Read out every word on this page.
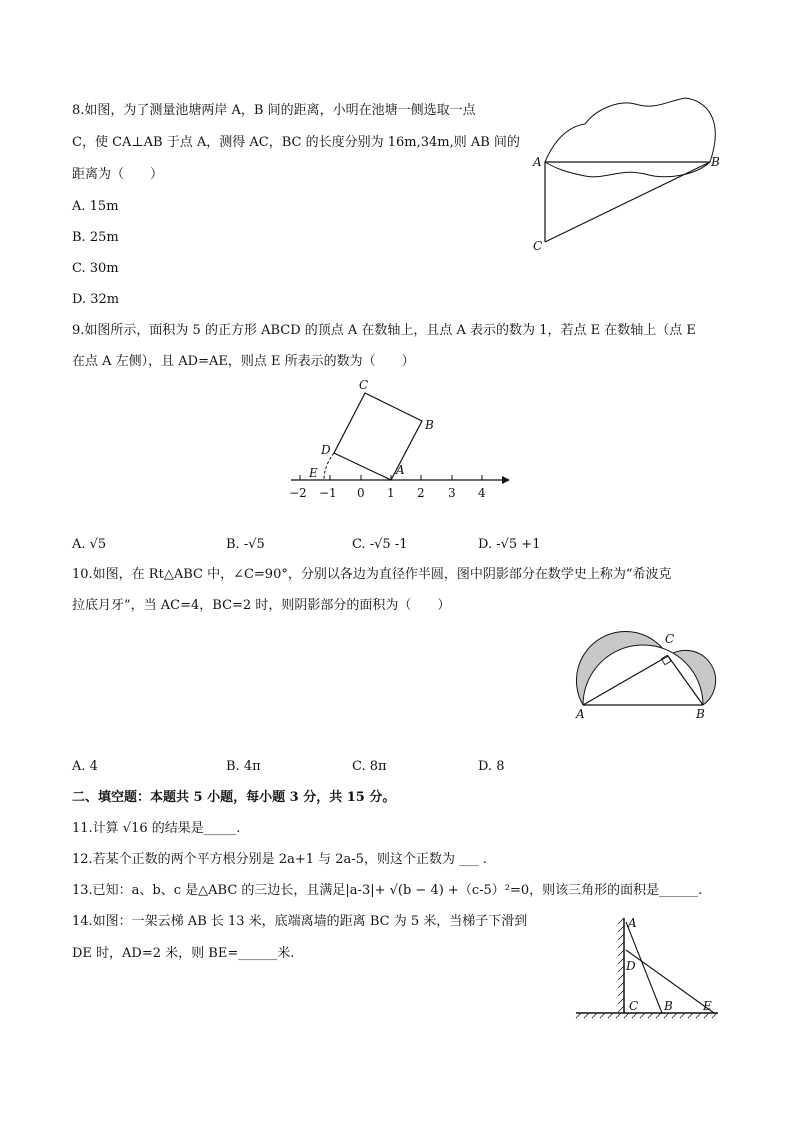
8.如图，为了测量池塘两岸 A，B 间的距离，小明在池塘一侧选取一点
C，使 CA⊥AB 于点 A，测得 AC，BC 的长度分别为 16m,34m,则 AB 间的
距离为（　　）
A. 15m
B. 25m
C. 30m
D. 32m
A	B
C
9.如图所示，面积为 5 的正方形 ABCD 的顶点 A 在数轴上，且点 A 表示的数为 1，若点 E 在数轴上（点 E
在点 A 左侧），且 AD=AE，则点 E 所表示的数为（　　）
−2 −1 0 1 2 3 4
A
B
C
D
E
A. √5	B. -√5	C. -√5 -1	D. -√5 +1
10.如图，在 Rt△ABC 中，∠C=90°，分别以各边为直径作半圆，图中阴影部分在数学史上称为“希波克
拉底月牙”，当 AC=4，BC=2 时，则阴影部分的面积为（　　）
A	B
C
A. 4	B. 4π	C. 8π	D. 8
二、填空题：本题共 5 小题，每小题 3 分，共 15 分。
11.计算 √16 的结果是_____.
12.若某个正数的两个平方根分别是 2a+1 与 2a-5，则这个正数为 ___ .
13.已知：a、b、c 是△ABC 的三边长，且满足|a-3|+ √(b − 4) +（c-5）²=0，则该三角形的面积是______.
14.如图：一架云梯 AB 长 13 米，底端离墙的距离 BC 为 5 米，当梯子下滑到
DE 时，AD=2 米，则 BE=______米.
A
D
C B	E
